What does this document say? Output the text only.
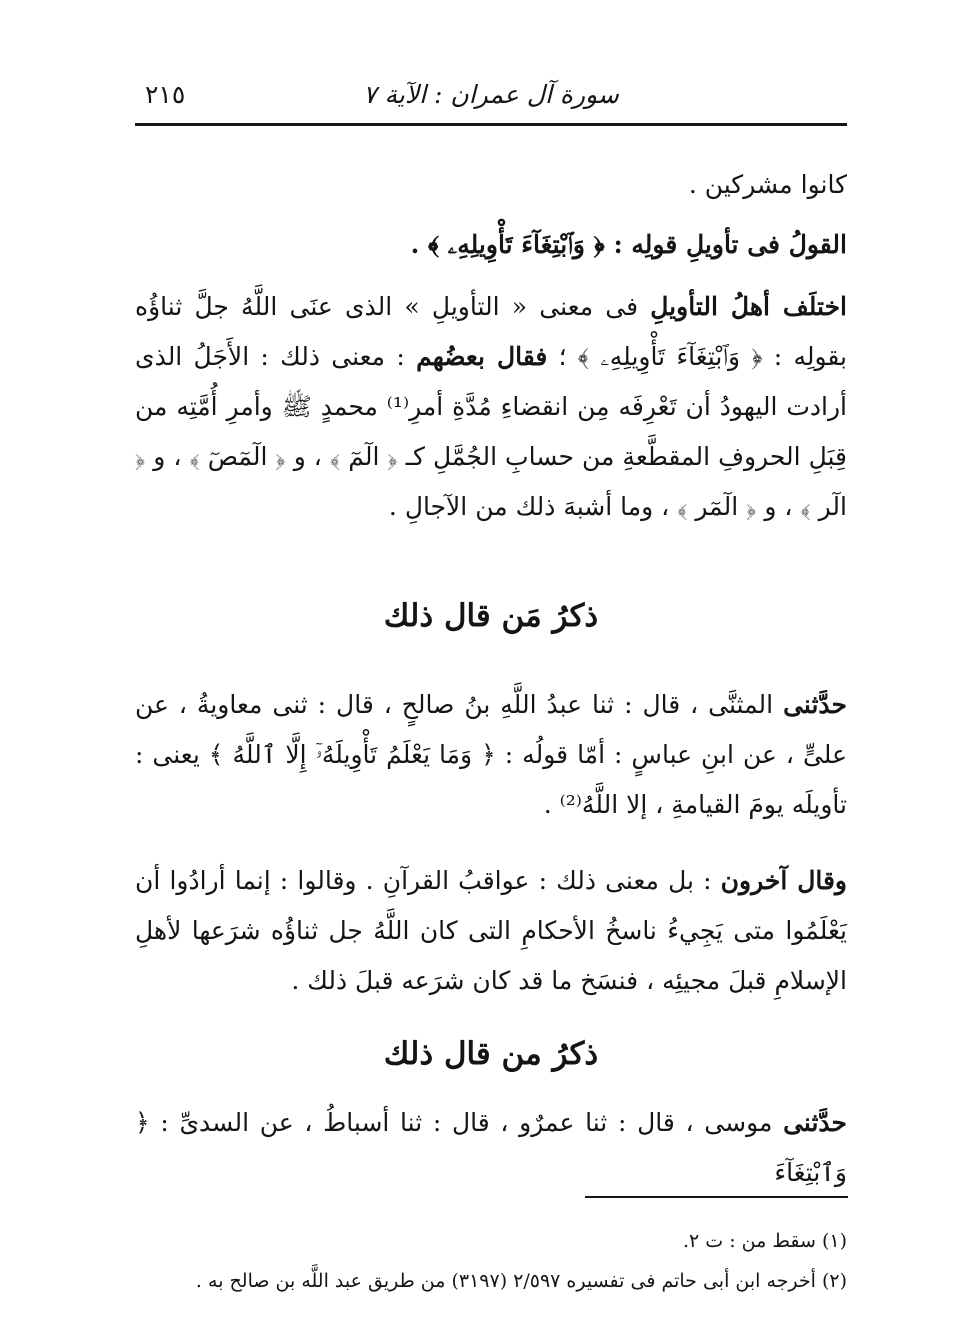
سورة آل عمران : الآية ٧
٢١٥

كانوا مشركين .

القولُ فى تأويلِ قولِه : ﴿ وَٱبْتِغَآءَ تَأْوِيلِهِۦ ﴾ .

اختلَف أهلُ التأويلِ فى معنى « التأويلِ » الذى عنَى اللَّهُ جلَّ ثناؤُه بقولِه : ﴿ وَٱبْتِغَآءَ تَأْوِيلِهِۦ ﴾ ؛ فقال بعضُهم : معنى ذلك : الأَجَلُ الذى أرادت اليهودُ أن تَعْرِفَه مِن انقضاءِ مُدَّةِ أمرِ⁽¹⁾ محمدٍ ﷺ وأمرِ أُمَّتِه من قِبَلِ الحروفِ المقطَّعةِ من حسابِ الجُمَّلِ كـ ﴿ الٓمٓ ﴾ ، و ﴿ الٓمٓصٓ ﴾ ، و ﴿ الٓر ﴾ ، و ﴿ الٓمٓر ﴾ ، وما أشبهَ ذلك من الآجالِ .

ذكرُ مَن قال ذلك

حدَّثنى المثنَّى ، قال : ثنا عبدُ اللَّهِ بنُ صالحٍ ، قال : ثنى معاويةُ ، عن علىٍّ ، عن ابنِ عباسٍ : أمّا قولُه : ﴿ وَمَا يَعْلَمُ تَأْوِيلَهُۥٓ إِلَّا ٱللَّهُ ﴾ يعنى : تأويلَه يومَ القيامةِ ، إلا اللَّهُ⁽²⁾ .

وقال آخرون : بل معنى ذلك : عواقبُ القرآنِ . وقالوا : إنما أرادُوا أن يَعْلَمُوا متى يَجِيءُ ناسخُ الأحكامِ التى كان اللَّهُ جل ثناؤُه شرَعها لأهلِ الإسلامِ قبلَ مجيئِه ، فنسَخ ما قد كان شرَعه قبلَ ذلك .

ذكرُ من قال ذلك

حدَّثنى موسى ، قال : ثنا عمرٌو ، قال : ثنا أسباطُ ، عن السدىِّ : ﴿ وَٱبْتِغَآءَ

(١) سقط من : ت ٢.

(٢) أخرجه ابن أبى حاتم فى تفسيره ٢/٥٩٧ (٣١٩٧) من طريق عبد اللَّه بن صالح به .
